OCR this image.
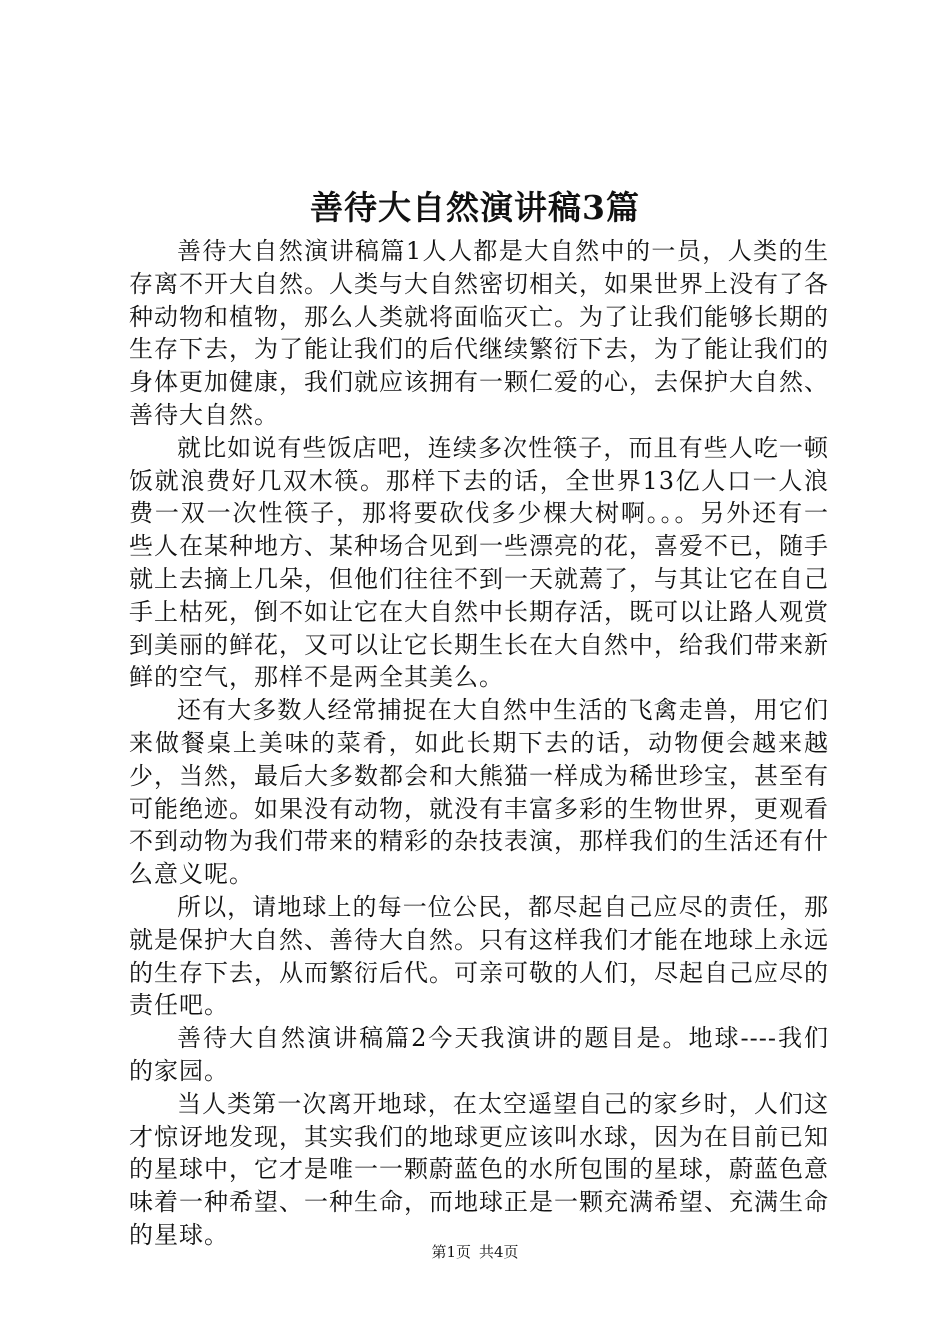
善待大自然演讲稿3篇

善待大自然演讲稿篇1人人都是大自然中的一员，人类的生存离不开大自然。人类与大自然密切相关，如果世界上没有了各种动物和植物，那么人类就将面临灭亡。为了让我们能够长期的生存下去，为了能让我们的后代继续繁衍下去，为了能让我们的身体更加健康，我们就应该拥有一颗仁爱的心，去保护大自然、善待大自然。

就比如说有些饭店吧，连续多次性筷子，而且有些人吃一顿饭就浪费好几双木筷。那样下去的话，全世界13亿人口一人浪费一双一次性筷子，那将要砍伐多少棵大树啊。。。另外还有一些人在某种地方、某种场合见到一些漂亮的花，喜爱不已，随手就上去摘上几朵，但他们往往不到一天就蔫了，与其让它在自己手上枯死，倒不如让它在大自然中长期存活，既可以让路人观赏到美丽的鲜花，又可以让它长期生长在大自然中，给我们带来新鲜的空气，那样不是两全其美么。

还有大多数人经常捕捉在大自然中生活的飞禽走兽，用它们来做餐桌上美味的菜肴，如此长期下去的话，动物便会越来越少，当然，最后大多数都会和大熊猫一样成为稀世珍宝，甚至有可能绝迹。如果没有动物，就没有丰富多彩的生物世界，更观看不到动物为我们带来的精彩的杂技表演，那样我们的生活还有什么意义呢。

所以，请地球上的每一位公民，都尽起自己应尽的责任，那就是保护大自然、善待大自然。只有这样我们才能在地球上永远的生存下去，从而繁衍后代。可亲可敬的人们，尽起自己应尽的责任吧。

善待大自然演讲稿篇2今天我演讲的题目是。地球----我们的家园。

当人类第一次离开地球，在太空遥望自己的家乡时，人们这才惊讶地发现，其实我们的地球更应该叫水球，因为在目前已知的星球中，它才是唯一一颗蔚蓝色的水所包围的星球，蔚蓝色意味着一种希望、一种生命，而地球正是一颗充满希望、充满生命的星球。

第1页 共4页
